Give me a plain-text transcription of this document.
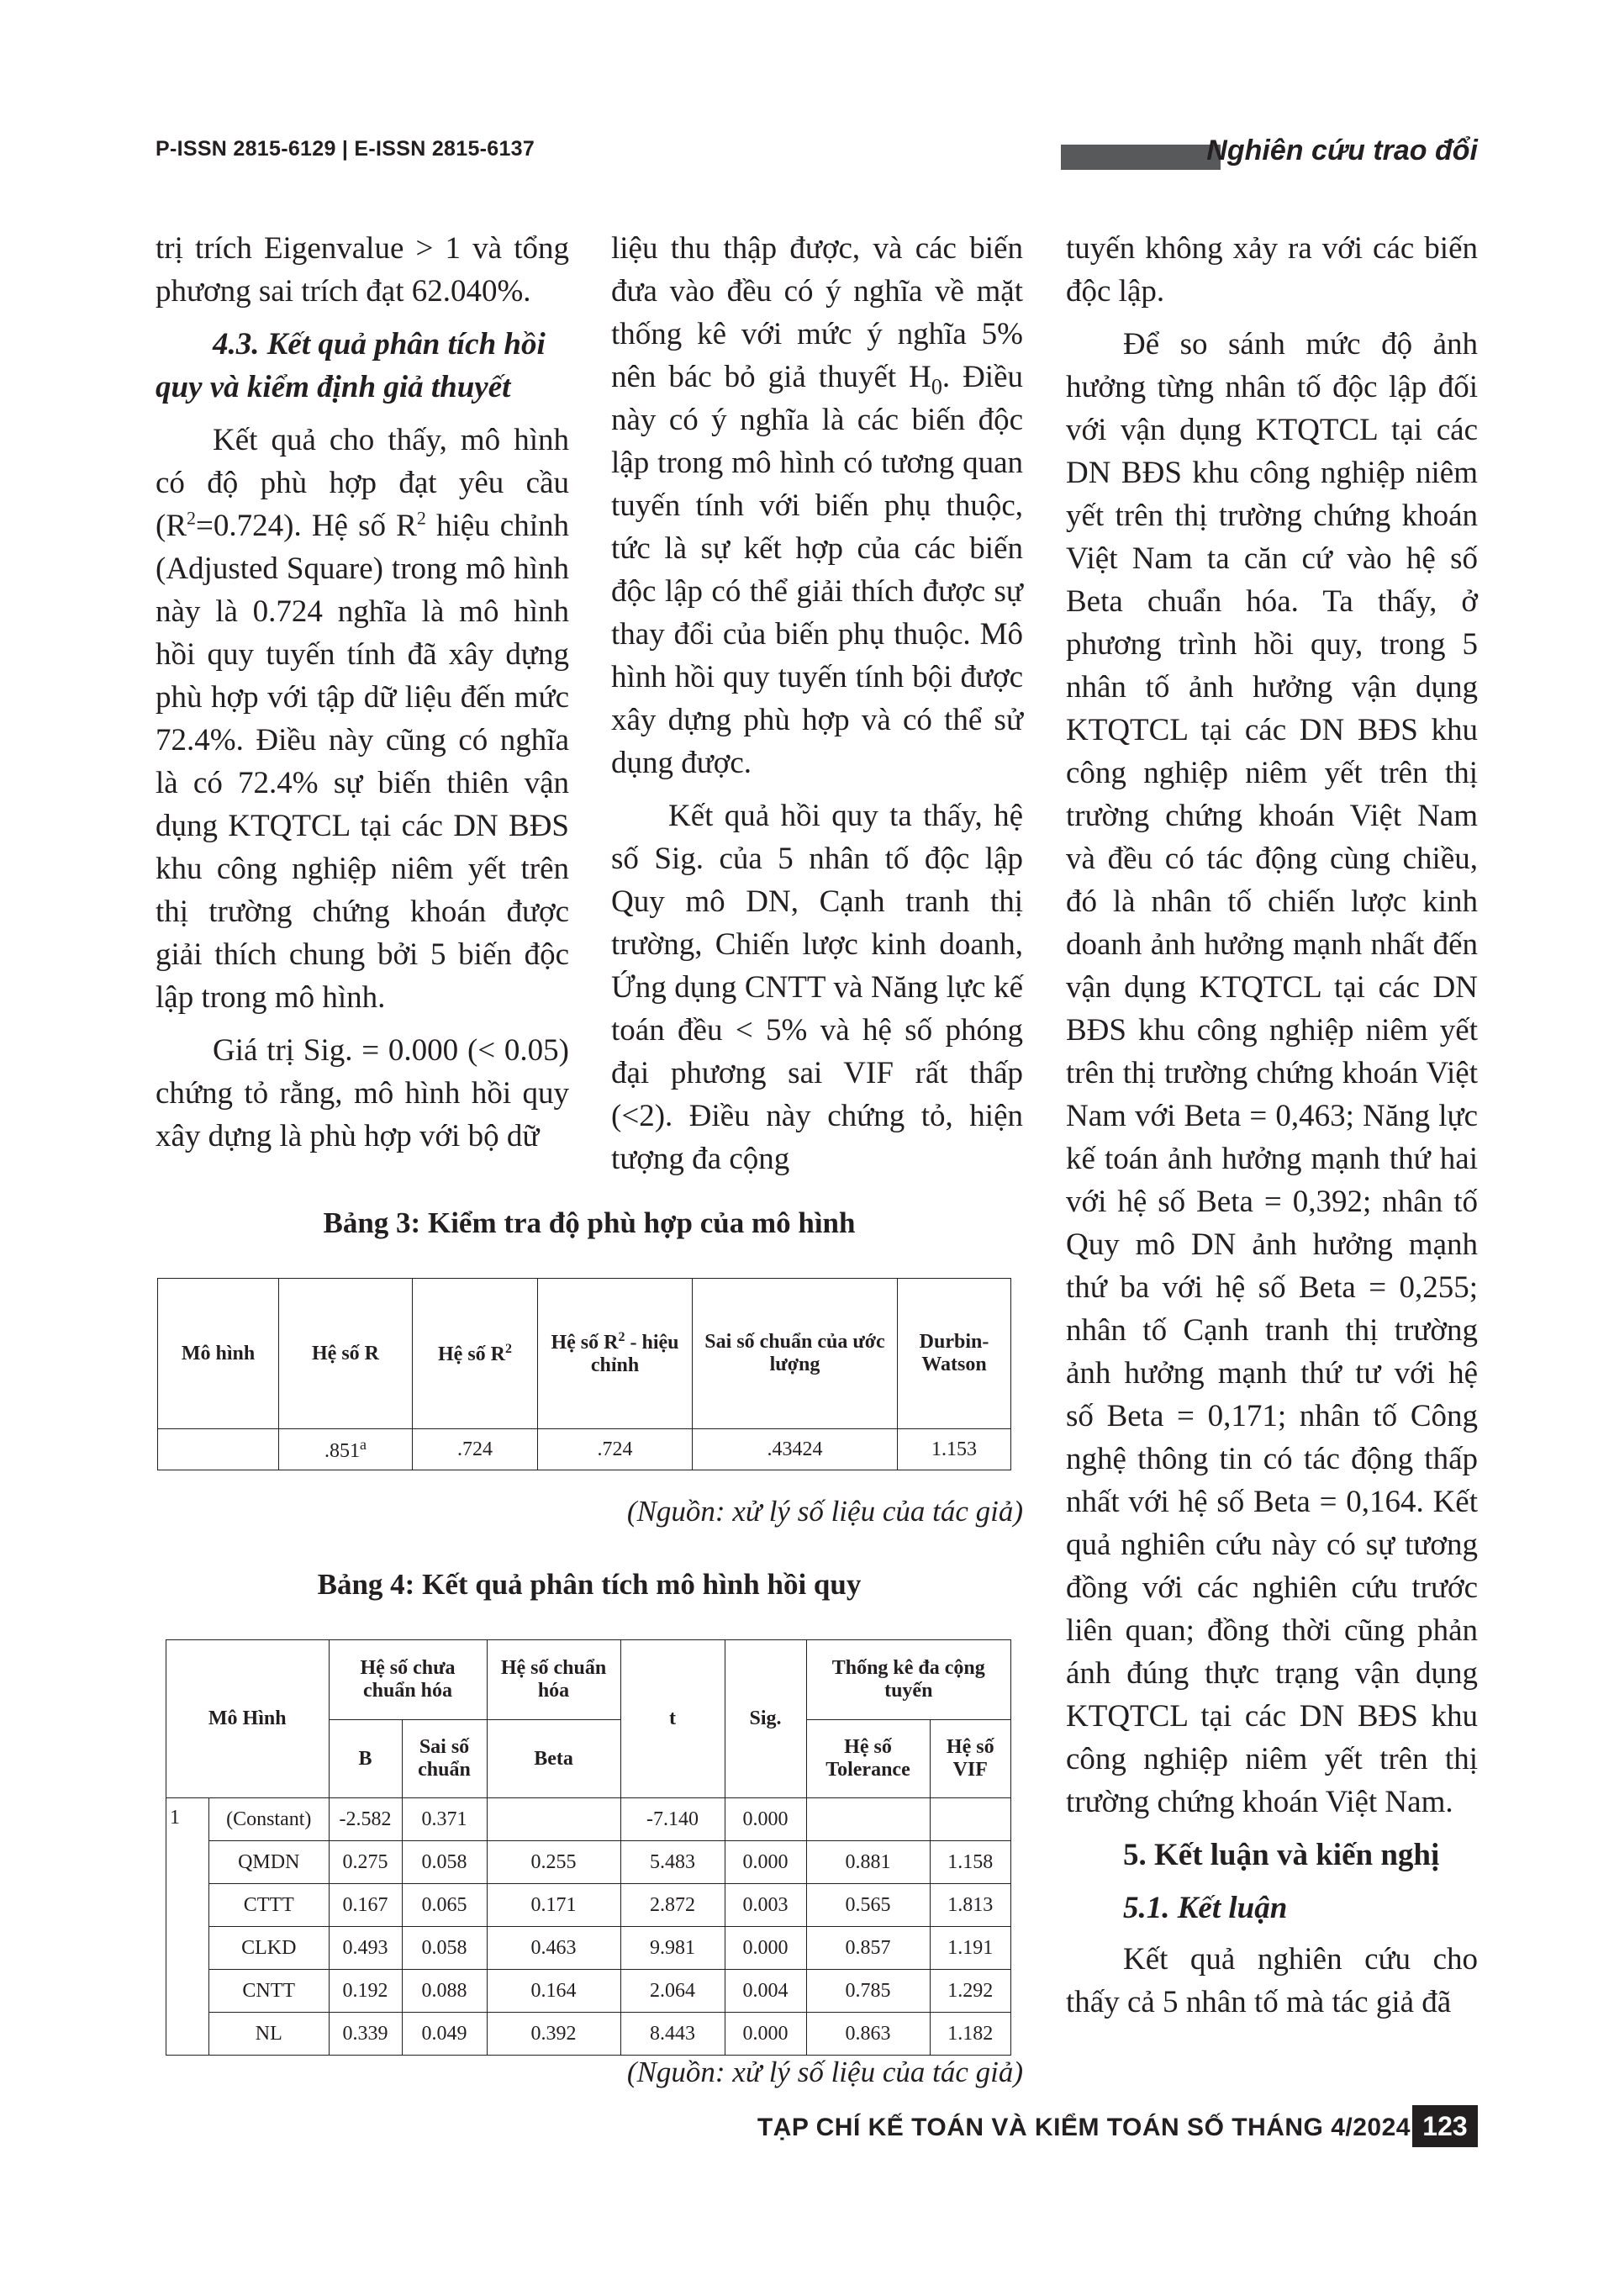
P-ISSN 2815-6129 | E-ISSN 2815-6137	Nghiên cứu trao đổi

trị trích Eigenvalue > 1 và tổng phương sai trích đạt 62.040%.

4.3. Kết quả phân tích hồi quy và kiểm định giả thuyết

Kết quả cho thấy, mô hình có độ phù hợp đạt yêu cầu $(R^2=0.724)$. Hệ số $R^2$ hiệu chỉnh (Adjusted Square) trong mô hình này là 0.724 nghĩa là mô hình hồi quy tuyến tính đã xây dựng phù hợp với tập dữ liệu đến mức 72.4%. Điều này cũng có nghĩa là có 72.4% sự biến thiên vận dụng KTQTCL tại các DN BĐS khu công nghiệp niêm yết trên thị trường chứng khoán được giải thích chung bởi 5 biến độc lập trong mô hình.

Giá trị Sig. = 0.000 (< 0.05) chứng tỏ rằng, mô hình hồi quy xây dựng là phù hợp với bộ dữ

liệu thu thập được, và các biến đưa vào đều có ý nghĩa về mặt thống kê với mức ý nghĩa 5% nên bác bỏ giả thuyết $H_0$. Điều này có ý nghĩa là các biến độc lập trong mô hình có tương quan tuyến tính với biến phụ thuộc, tức là sự kết hợp của các biến độc lập có thể giải thích được sự thay đổi của biến phụ thuộc. Mô hình hồi quy tuyến tính bội được xây dựng phù hợp và có thể sử dụng được.

Kết quả hồi quy ta thấy, hệ số Sig. của 5 nhân tố độc lập Quy mô DN, Cạnh tranh thị trường, Chiến lược kinh doanh, Ứng dụng CNTT và Năng lực kế toán đều < 5% và hệ số phóng đại phương sai VIF rất thấp (<2). Điều này chứng tỏ, hiện tượng đa cộng

tuyến không xảy ra với các biến độc lập.

Để so sánh mức độ ảnh hưởng từng nhân tố độc lập đối với vận dụng KTQTCL tại các DN BĐS khu công nghiệp niêm yết trên thị trường chứng khoán Việt Nam ta căn cứ vào hệ số Beta chuẩn hóa. Ta thấy, ở phương trình hồi quy, trong 5 nhân tố ảnh hưởng vận dụng KTQTCL tại các DN BĐS khu công nghiệp niêm yết trên thị trường chứng khoán Việt Nam và đều có tác động cùng chiều, đó là nhân tố chiến lược kinh doanh ảnh hưởng mạnh nhất đến vận dụng KTQTCL tại các DN BĐS khu công nghiệp niêm yết trên thị trường chứng khoán Việt Nam với Beta = 0,463; Năng lực kế toán ảnh hưởng mạnh thứ hai với hệ số Beta = 0,392; nhân tố Quy mô DN ảnh hưởng mạnh thứ ba với hệ số Beta = 0,255; nhân tố Cạnh tranh thị trường ảnh hưởng mạnh thứ tư với hệ số Beta = 0,171; nhân tố Công nghệ thông tin có tác động thấp nhất với hệ số Beta = 0,164. Kết quả nghiên cứu này có sự tương đồng với các nghiên cứu trước liên quan; đồng thời cũng phản ánh đúng thực trạng vận dụng KTQTCL tại các DN BĐS khu công nghiệp niêm yết trên thị trường chứng khoán Việt Nam.

5. Kết luận và kiến nghị
5.1. Kết luận

Kết quả nghiên cứu cho thấy cả 5 nhân tố mà tác giả đã

Bảng 3: Kiểm tra độ phù hợp của mô hình
Mô hình	Hệ số R	Hệ số $R^2$	Hệ số $R^2$ - hiệu chỉnh	Sai số chuẩn của ước lượng	Durbin-Watson
	.851$^a$	.724	.724	.43424	1.153
(Nguồn: xử lý số liệu của tác giả)
Bảng 4: Kết quả phân tích mô hình hồi quy
Mô Hình		Hệ số chưa chuẩn hóa		Hệ số chuẩn hóa	t	Sig.	Thống kê đa cộng tuyến	
		B	Sai số chuẩn	Beta			Hệ số Tolerance	Hệ số VIF
1	(Constant)	-2.582	0.371		-7.140	0.000		
	QMDN	0.275	0.058	0.255	5.483	0.000	0.881	1.158
	CTTT	0.167	0.065	0.171	2.872	0.003	0.565	1.813
	CLKD	0.493	0.058	0.463	9.981	0.000	0.857	1.191
	CNTT	0.192	0.088	0.164	2.064	0.004	0.785	1.292
	NL	0.339	0.049	0.392	8.443	0.000	0.863	1.182
(Nguồn: xử lý số liệu của tác giả)
TẠP CHÍ KẾ TOÁN VÀ KIỂM TOÁN SỐ THÁNG 4/2024 123
